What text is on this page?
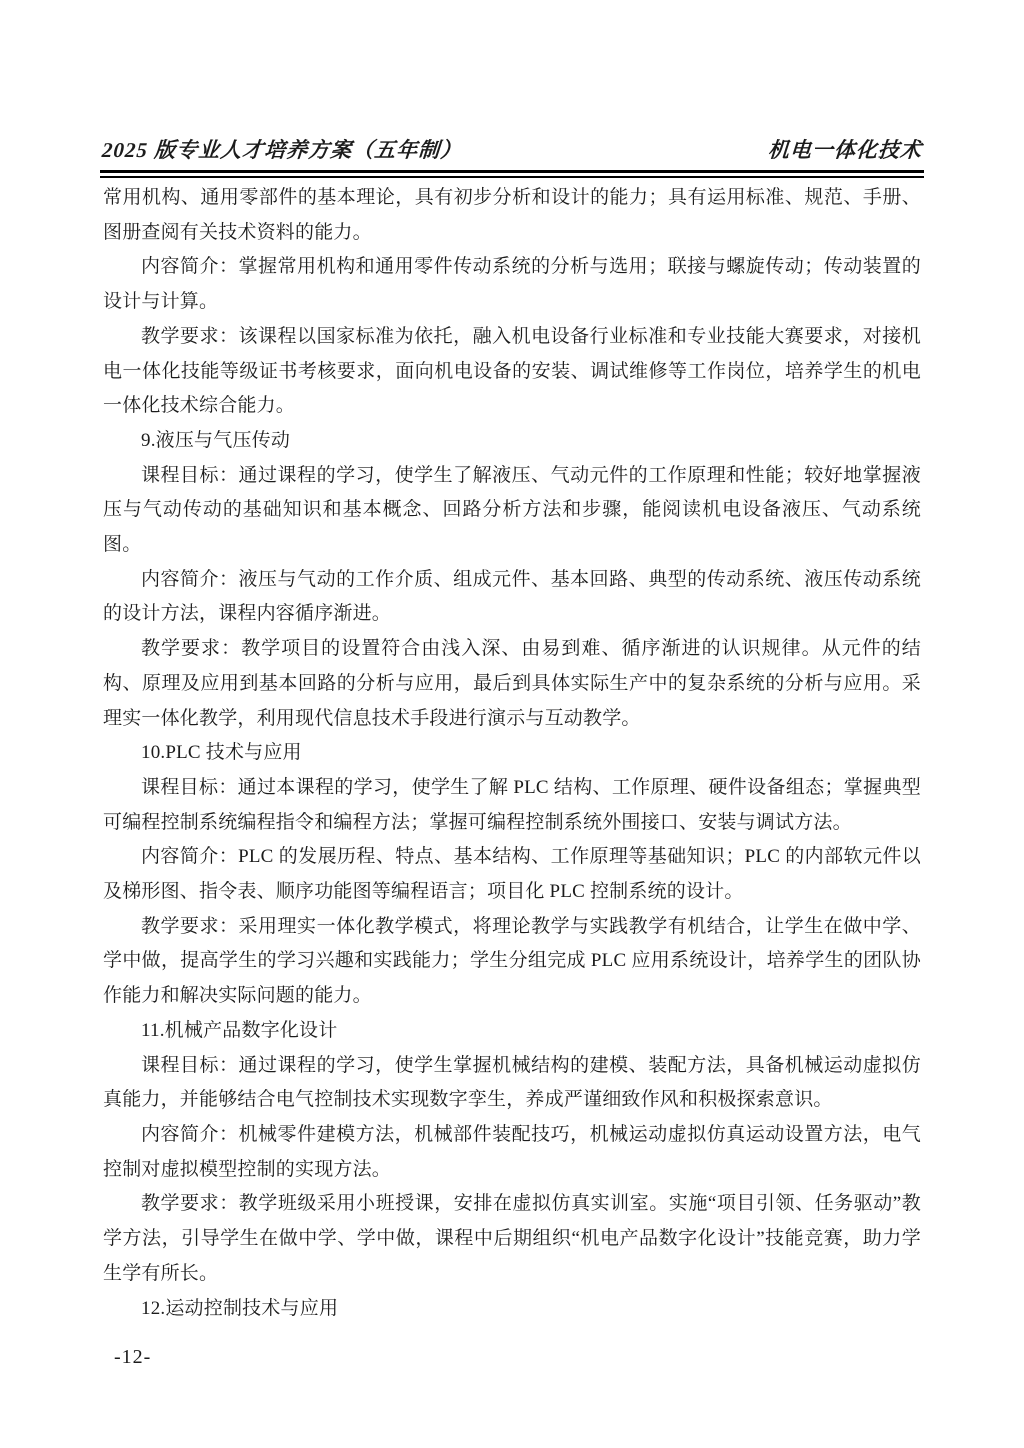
2025 版专业人才培养方案（五年制）	机电一体化技术

常用机构、通用零部件的基本理论，具有初步分析和设计的能力；具有运用标准、规范、手册、图册查阅有关技术资料的能力。

内容简介：掌握常用机构和通用零件传动系统的分析与选用；联接与螺旋传动；传动装置的设计与计算。

教学要求：该课程以国家标准为依托，融入机电设备行业标准和专业技能大赛要求，对接机电一体化技能等级证书考核要求，面向机电设备的安装、调试维修等工作岗位，培养学生的机电一体化技术综合能力。

9.液压与气压传动

课程目标：通过课程的学习，使学生了解液压、气动元件的工作原理和性能；较好地掌握液压与气动传动的基础知识和基本概念、回路分析方法和步骤，能阅读机电设备液压、气动系统图。

内容简介：液压与气动的工作介质、组成元件、基本回路、典型的传动系统、液压传动系统的设计方法，课程内容循序渐进。

教学要求：教学项目的设置符合由浅入深、由易到难、循序渐进的认识规律。从元件的结构、原理及应用到基本回路的分析与应用，最后到具体实际生产中的复杂系统的分析与应用。采理实一体化教学，利用现代信息技术手段进行演示与互动教学。

10.PLC 技术与应用

课程目标：通过本课程的学习，使学生了解 PLC 结构、工作原理、硬件设备组态；掌握典型可编程控制系统编程指令和编程方法；掌握可编程控制系统外围接口、安装与调试方法。

内容简介：PLC 的发展历程、特点、基本结构、工作原理等基础知识；PLC 的内部软元件以及梯形图、指令表、顺序功能图等编程语言；项目化 PLC 控制系统的设计。

教学要求：采用理实一体化教学模式，将理论教学与实践教学有机结合，让学生在做中学、学中做，提高学生的学习兴趣和实践能力；学生分组完成 PLC 应用系统设计，培养学生的团队协作能力和解决实际问题的能力。

11.机械产品数字化设计

课程目标：通过课程的学习，使学生掌握机械结构的建模、装配方法，具备机械运动虚拟仿真能力，并能够结合电气控制技术实现数字孪生，养成严谨细致作风和积极探索意识。

内容简介：机械零件建模方法，机械部件装配技巧，机械运动虚拟仿真运动设置方法，电气控制对虚拟模型控制的实现方法。

教学要求：教学班级采用小班授课，安排在虚拟仿真实训室。实施“项目引领、任务驱动”教学方法，引导学生在做中学、学中做，课程中后期组织“机电产品数字化设计”技能竞赛，助力学生学有所长。

12.运动控制技术与应用

-12-
